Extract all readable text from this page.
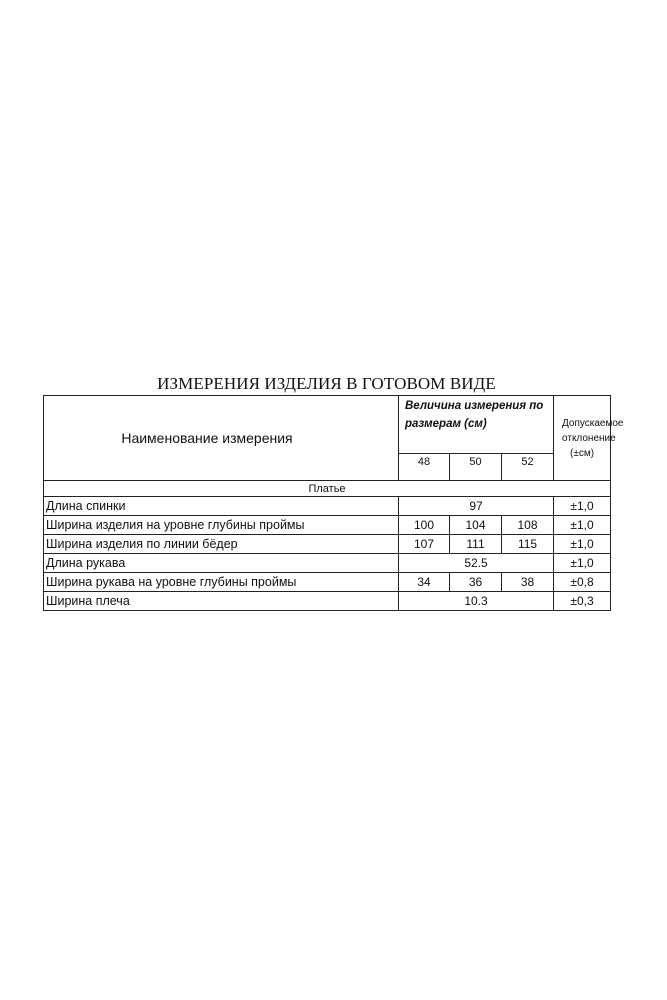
ИЗМЕРЕНИЯ ИЗДЕЛИЯ В ГОТОВОМ ВИДЕ
Наименование измерения	Величина измерения по размерам (см)			Допускаемое отклонение (±см)
	48	50	52	
Платье				
Длина спинки	97			±1,0
Ширина изделия на уровне глубины проймы	100	104	108	±1,0
Ширина изделия по линии бёдер	107	111	115	±1,0
Длина рукава	52.5			±1,0
Ширина рукава на уровне глубины проймы	34	36	38	±0,8
Ширина плеча	10.3			±0,3
